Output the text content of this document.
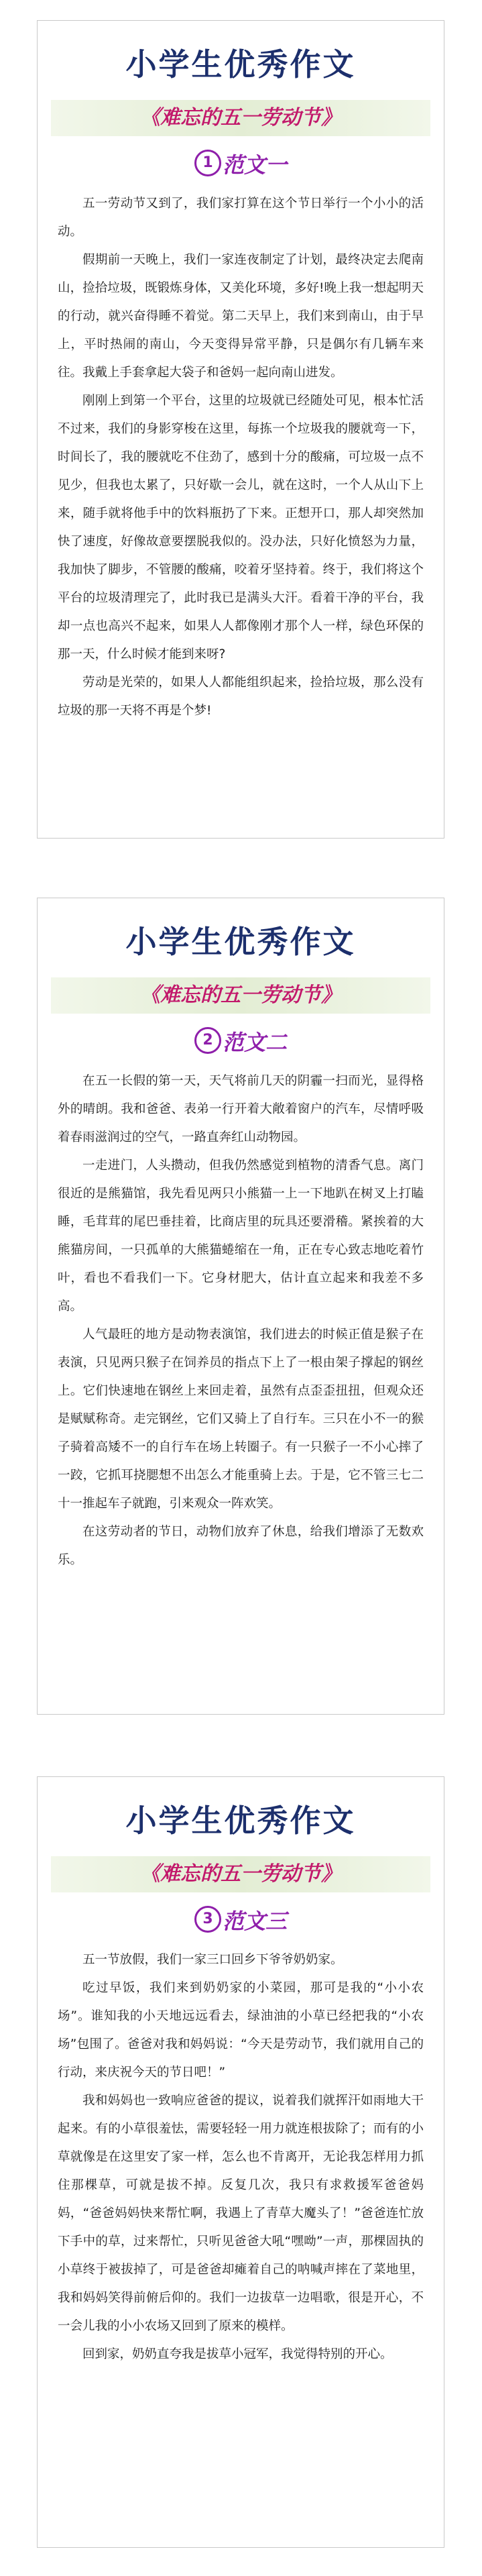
小学生优秀作文
《难忘的五一劳动节》
1 范文一

五一劳动节又到了，我们家打算在这个节日举行一个小小的活动。

假期前一天晚上，我们一家连夜制定了计划，最终决定去爬南山，捡拾垃圾，既锻炼身体，又美化环境，多好!晚上我一想起明天的行动，就兴奋得睡不着觉。第二天早上，我们来到南山，由于早上，平时热闹的南山，今天变得异常平静，只是偶尔有几辆车来往。我戴上手套拿起大袋子和爸妈一起向南山进发。

刚刚上到第一个平台，这里的垃圾就已经随处可见，根本忙活不过来，我们的身影穿梭在这里，每拣一个垃圾我的腰就弯一下，时间长了，我的腰就吃不住劲了，感到十分的酸痛，可垃圾一点不见少，但我也太累了，只好歇一会儿，就在这时，一个人从山下上来，随手就将他手中的饮料瓶扔了下来。正想开口，那人却突然加快了速度，好像故意要摆脱我似的。没办法，只好化愤怒为力量，我加快了脚步，不管腰的酸痛，咬着牙坚持着。终于，我们将这个平台的垃圾清理完了，此时我已是满头大汗。看着干净的平台，我却一点也高兴不起来，如果人人都像刚才那个人一样，绿色环保的那一天，什么时候才能到来呀?

劳动是光荣的，如果人人都能组织起来，捡拾垃圾，那么没有垃圾的那一天将不再是个梦!

小学生优秀作文
《难忘的五一劳动节》
2 范文二

在五一长假的第一天，天气将前几天的阴霾一扫而光，显得格外的晴朗。我和爸爸、表弟一行开着大敞着窗户的汽车，尽情呼吸着春雨滋润过的空气，一路直奔红山动物园。

一走进门，人头攒动，但我仍然感觉到植物的清香气息。离门很近的是熊猫馆，我先看见两只小熊猫一上一下地趴在树叉上打瞌睡，毛茸茸的尾巴垂挂着，比商店里的玩具还要滑稽。紧挨着的大熊猫房间，一只孤单的大熊猫蜷缩在一角，正在专心致志地吃着竹叶，看也不看我们一下。它身材肥大，估计直立起来和我差不多高。

人气最旺的地方是动物表演馆，我们进去的时候正值是猴子在表演，只见两只猴子在饲养员的指点下上了一根由架子撑起的钢丝上。它们快速地在钢丝上来回走着，虽然有点歪歪扭扭，但观众还是赋赋称奇。走完钢丝，它们又骑上了自行车。三只在小不一的猴子骑着高矮不一的自行车在场上转圈子。有一只猴子一不小心摔了一跤，它抓耳挠腮想不出怎么才能重骑上去。于是，它不管三七二十一推起车子就跑，引来观众一阵欢笑。

在这劳动者的节日，动物们放弃了休息，给我们增添了无数欢乐。

小学生优秀作文
《难忘的五一劳动节》
3 范文三

五一节放假，我们一家三口回乡下爷爷奶奶家。

吃过早饭，我们来到奶奶家的小菜园，那可是我的“小小农场”。谁知我的小天地远远看去，绿油油的小草已经把我的“小农场”包围了。爸爸对我和妈妈说：“今天是劳动节，我们就用自己的行动，来庆祝今天的节日吧！”

我和妈妈也一致响应爸爸的提议，说着我们就挥汗如雨地大干起来。有的小草很羞怯，需要轻轻一用力就连根拔除了；而有的小草就像是在这里安了家一样，怎么也不肯离开，无论我怎样用力抓住那棵草，可就是拔不掉。反复几次，我只有求救援军爸爸妈妈，“爸爸妈妈快来帮忙啊，我遇上了青草大魔头了！”爸爸连忙放下手中的草，过来帮忙，只听见爸爸大吼“嘿呦”一声，那棵固执的小草终于被拔掉了，可是爸爸却瘫着自己的呐喊声摔在了菜地里，我和妈妈笑得前俯后仰的。我们一边拔草一边唱歌，很是开心，不一会儿我的小小农场又回到了原来的模样。

回到家，奶奶直夸我是拔草小冠军，我觉得特别的开心。
